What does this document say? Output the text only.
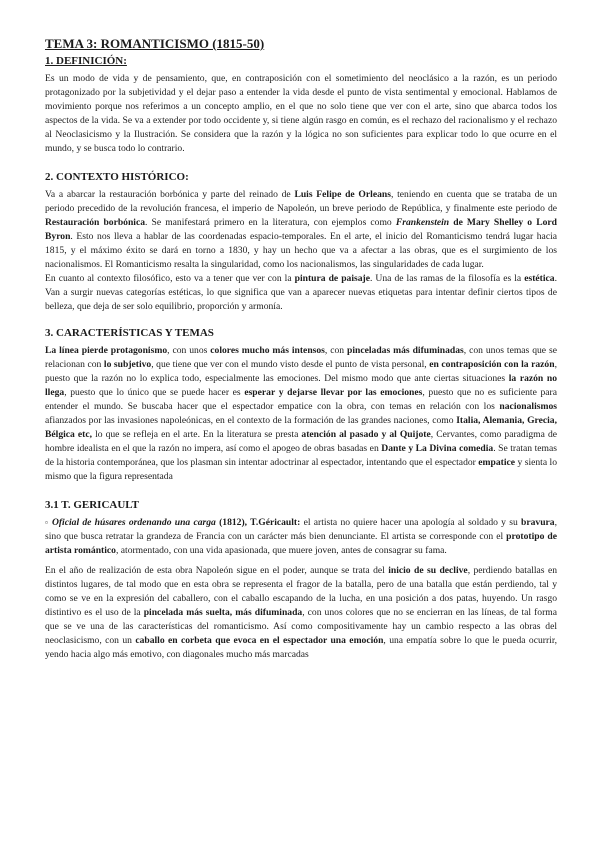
TEMA 3: ROMANTICISMO (1815-50)
1. DEFINICIÓN:

Es un modo de vida y de pensamiento, que, en contraposición con el sometimiento del neoclásico a la razón, es un periodo protagonizado por la subjetividad y el dejar paso a entender la vida desde el punto de vista sentimental y emocional. Hablamos de movimiento porque nos referimos a un concepto amplio, en el que no solo tiene que ver con el arte, sino que abarca todos los aspectos de la vida. Se va a extender por todo occidente y, si tiene algún rasgo en común, es el rechazo del racionalismo y el rechazo al Neoclasicismo y la Ilustración. Se considera que la razón y la lógica no son suficientes para explicar todo lo que ocurre en el mundo, y se busca todo lo contrario.

2. CONTEXTO HISTÓRICO:

Va a abarcar la restauración borbónica y parte del reinado de Luis Felipe de Orleans, teniendo en cuenta que se trataba de un periodo precedido de la revolución francesa, el imperio de Napoleón, un breve periodo de República, y finalmente este periodo de Restauración borbónica. Se manifestará primero en la literatura, con ejemplos como Frankenstein de Mary Shelley o Lord Byron. Esto nos lleva a hablar de las coordenadas espacio-temporales. En el arte, el inicio del Romanticismo tendrá lugar hacia 1815, y el máximo éxito se dará en torno a 1830, y hay un hecho que va a afectar a las obras, que es el surgimiento de los nacionalismos. El Romanticismo resalta la singularidad, como los nacionalismos, las singularidades de cada lugar.

En cuanto al contexto filosófico, esto va a tener que ver con la pintura de paisaje. Una de las ramas de la filosofía es la estética. Van a surgir nuevas categorías estéticas, lo que significa que van a aparecer nuevas etiquetas para intentar definir ciertos tipos de belleza, que deja de ser solo equilibrio, proporción y armonía.

3. CARACTERÍSTICAS Y TEMAS

La línea pierde protagonismo, con unos colores mucho más intensos, con pinceladas más difuminadas, con unos temas que se relacionan con lo subjetivo, que tiene que ver con el mundo visto desde el punto de vista personal, en contraposición con la razón, puesto que la razón no lo explica todo, especialmente las emociones. Del mismo modo que ante ciertas situaciones la razón no llega, puesto que lo único que se puede hacer es esperar y dejarse llevar por las emociones, puesto que no es suficiente para entender el mundo. Se buscaba hacer que el espectador empatice con la obra, con temas en relación con los nacionalismos afianzados por las invasiones napoleónicas, en el contexto de la formación de las grandes naciones, como Italia, Alemania, Grecia, Bélgica etc, lo que se refleja en el arte. En la literatura se presta atención al pasado y al Quijote, Cervantes, como paradigma de hombre idealista en el que la razón no impera, así como el apogeo de obras basadas en Dante y La Divina comedia. Se tratan temas de la historia contemporánea, que los plasman sin intentar adoctrinar al espectador, intentando que el espectador empatice y sienta lo mismo que la figura representada

3.1 T. GERICAULT

▫ Oficial de húsares ordenando una carga (1812), T.Géricault: el artista no quiere hacer una apología al soldado y su bravura, sino que busca retratar la grandeza de Francia con un carácter más bien denunciante. El artista se corresponde con el prototipo de artista romántico, atormentado, con una vida apasionada, que muere joven, antes de consagrar su fama.

En el año de realización de esta obra Napoleón sigue en el poder, aunque se trata del inicio de su declive, perdiendo batallas en distintos lugares, de tal modo que en esta obra se representa el fragor de la batalla, pero de una batalla que están perdiendo, tal y como se ve en la expresión del caballero, con el caballo escapando de la lucha, en una posición a dos patas, huyendo. Un rasgo distintivo es el uso de la pincelada más suelta, más difuminada, con unos colores que no se encierran en las líneas, de tal forma que se ve una de las características del romanticismo. Así como compositivamente hay un cambio respecto a las obras del neoclasicismo, con un caballo en corbeta que evoca en el espectador una emoción, una empatía sobre lo que le pueda ocurrir, yendo hacia algo más emotivo, con diagonales mucho más marcadas
